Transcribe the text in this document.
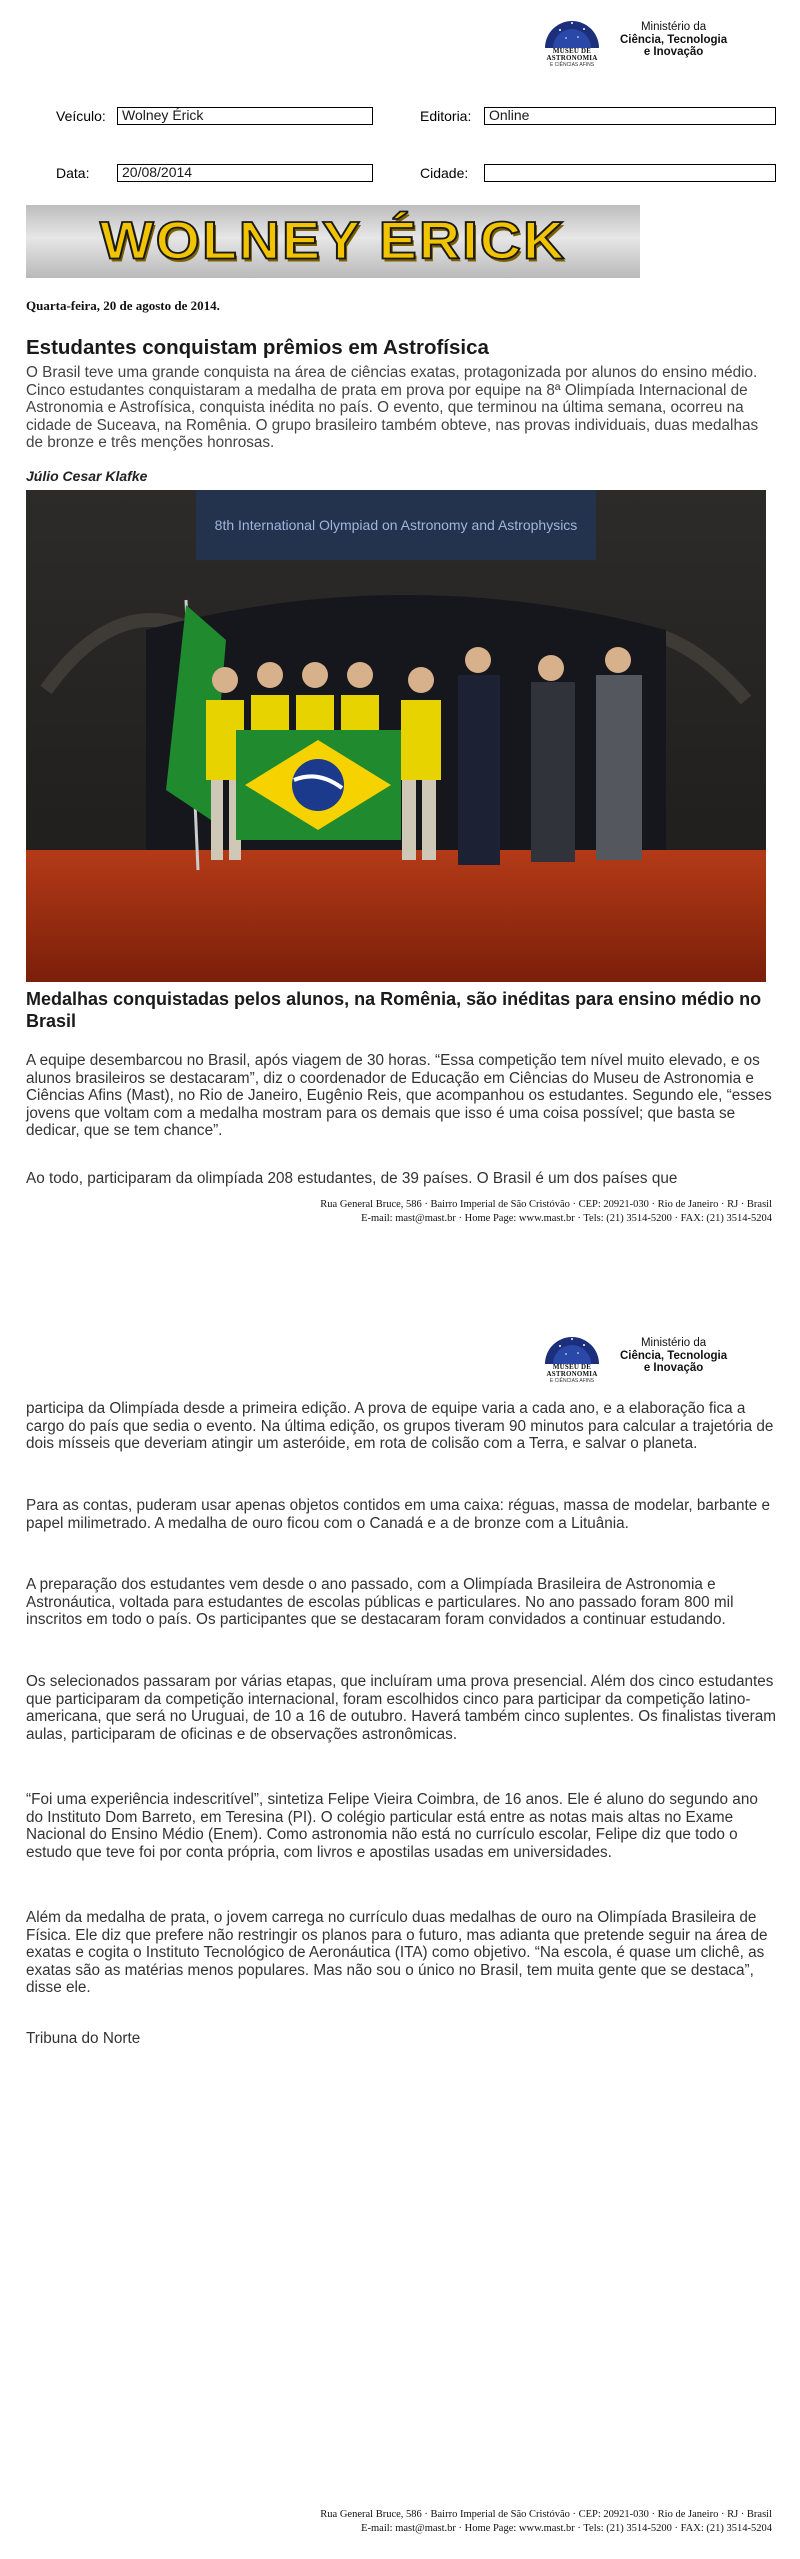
MUSEU DE
ASTRONOMIA
E CIÊNCIAS AFINS
Ministério da
Ciência, Tecnologia
e Inovação
Veículo:	Wolney Érick	Editoria:	Online
Data:	20/08/2014	Cidade:
WOLNEY ÉRICK
Quarta-feira, 20 de agosto de 2014.
Estudantes conquistam prêmios em Astrofísica
O Brasil teve uma grande conquista na área de ciências exatas, protagonizada por alunos do ensino médio. Cinco estudantes conquistaram a medalha de prata em prova por equipe na 8ª Olimpíada Internacional de Astronomia e Astrofísica, conquista inédita no país. O evento, que terminou na última semana, ocorreu na cidade de Suceava, na Romênia. O grupo brasileiro também obteve, nas provas individuais, duas medalhas de bronze e três menções honrosas.
Júlio Cesar Klafke
8th International Olympiad on Astronomy and Astrophysics
Medalhas conquistadas pelos alunos, na Romênia, são inéditas para ensino médio no Brasil

A equipe desembarcou no Brasil, após viagem de 30 horas. “Essa competição tem nível muito elevado, e os alunos brasileiros se destacaram”, diz o coordenador de Educação em Ciências do Museu de Astronomia e Ciências Afins (Mast), no Rio de Janeiro, Eugênio Reis, que acompanhou os estudantes. Segundo ele, “esses jovens que voltam com a medalha mostram para os demais que isso é uma coisa possível; que basta se dedicar, que se tem chance”.

Ao todo, participaram da olimpíada 208 estudantes, de 39 países. O Brasil é um dos países que

Rua General Bruce, 586 · Bairro Imperial de São Cristóvão · CEP: 20921-030 · Rio de Janeiro · RJ · Brasil
E-mail: mast@mast.br · Home Page: www.mast.br · Tels: (21) 3514-5200 · FAX: (21) 3514-5204
MUSEU DE
ASTRONOMIA
E CIÊNCIAS AFINS
Ministério da
Ciência, Tecnologia
e Inovação

participa da Olimpíada desde a primeira edição. A prova de equipe varia a cada ano, e a elaboração fica a cargo do país que sedia o evento. Na última edição, os grupos tiveram 90 minutos para calcular a trajetória de dois mísseis que deveriam atingir um asteróide, em rota de colisão com a Terra, e salvar o planeta.

Para as contas, puderam usar apenas objetos contidos em uma caixa: réguas, massa de modelar, barbante e papel milimetrado. A medalha de ouro ficou com o Canadá e a de bronze com a Lituânia.

A preparação dos estudantes vem desde o ano passado, com a Olimpíada Brasileira de Astronomia e Astronáutica, voltada para estudantes de escolas públicas e particulares. No ano passado foram 800 mil inscritos em todo o país. Os participantes que se destacaram foram convidados a continuar estudando.

Os selecionados passaram por várias etapas, que incluíram uma prova presencial. Além dos cinco estudantes que participaram da competição internacional, foram escolhidos cinco para participar da competição latino-americana, que será no Uruguai, de 10 a 16 de outubro. Haverá também cinco suplentes. Os finalistas tiveram aulas, participaram de oficinas e de observações astronômicas.

“Foi uma experiência indescritível”, sintetiza Felipe Vieira Coimbra, de 16 anos. Ele é aluno do segundo ano do Instituto Dom Barreto, em Teresina (PI). O colégio particular está entre as notas mais altas no Exame Nacional do Ensino Médio (Enem). Como astronomia não está no currículo escolar, Felipe diz que todo o estudo que teve foi por conta própria, com livros e apostilas usadas em universidades.

Além da medalha de prata, o jovem carrega no currículo duas medalhas de ouro na Olimpíada Brasileira de Física. Ele diz que prefere não restringir os planos para o futuro, mas adianta que pretende seguir na área de exatas e cogita o Instituto Tecnológico de Aeronáutica (ITA) como objetivo. “Na escola, é quase um clichê, as exatas são as matérias menos populares. Mas não sou o único no Brasil, tem muita gente que se destaca”, disse ele.

Tribuna do Norte

Rua General Bruce, 586 · Bairro Imperial de São Cristóvão · CEP: 20921-030 · Rio de Janeiro · RJ · Brasil
E-mail: mast@mast.br · Home Page: www.mast.br · Tels: (21) 3514-5200 · FAX: (21) 3514-5204
